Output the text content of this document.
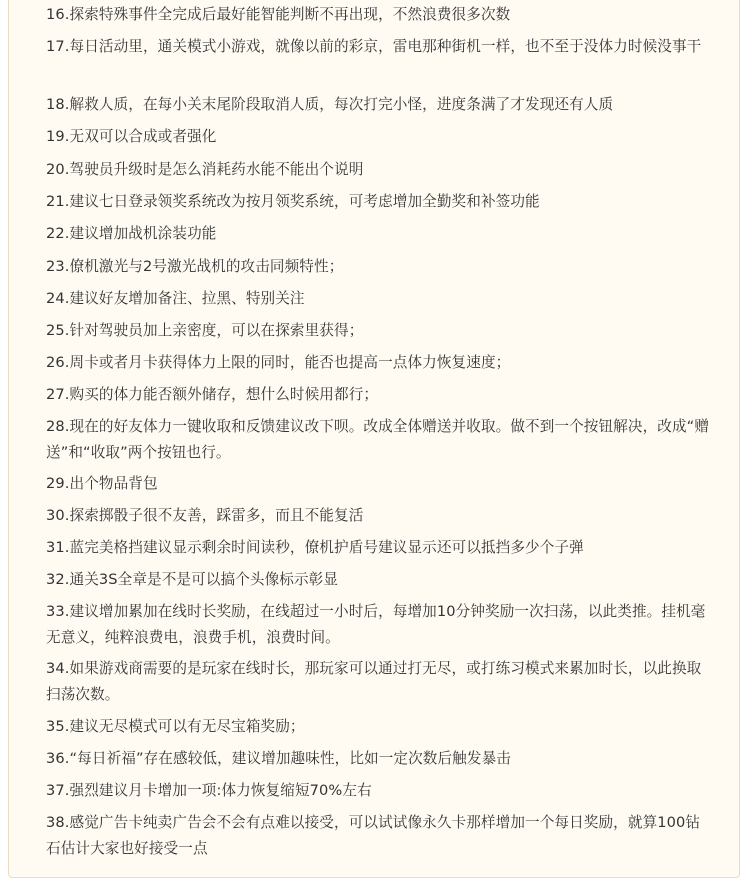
16.探索特殊事件全完成后最好能智能判断不再出现，不然浪费很多次数
17.每日活动里，通关模式小游戏，就像以前的彩京，雷电那种街机一样，也不至于没体力时候没事干
18.解救人质，在每小关末尾阶段取消人质，每次打完小怪，进度条满了才发现还有人质
19.无双可以合成或者强化
20.驾驶员升级时是怎么消耗药水能不能出个说明
21.建议七日登录领奖系统改为按月领奖系统，可考虑增加全勤奖和补签功能
22.建议增加战机涂装功能
23.僚机激光与2号激光战机的攻击同频特性；
24.建议好友增加备注、拉黑、特别关注
25.针对驾驶员加上亲密度，可以在探索里获得；
26.周卡或者月卡获得体力上限的同时，能否也提高一点体力恢复速度；
27.购买的体力能否额外储存，想什么时候用都行；
28.现在的好友体力一键收取和反馈建议改下呗。改成全体赠送并收取。做不到一个按钮解决，改成“赠送”和“收取”两个按钮也行。
29.出个物品背包
30.探索掷骰子很不友善，踩雷多，而且不能复活
31.蓝完美格挡建议显示剩余时间读秒，僚机护盾号建议显示还可以抵挡多少个子弹
32.通关3S全章是不是可以搞个头像标示彰显
33.建议增加累加在线时长奖励，在线超过一小时后，每增加10分钟奖励一次扫荡，以此类推。挂机毫无意义，纯粹浪费电，浪费手机，浪费时间。
34.如果游戏商需要的是玩家在线时长，那玩家可以通过打无尽，或打练习模式来累加时长，以此换取扫荡次数。
35.建议无尽模式可以有无尽宝箱奖励；
36.“每日祈福”存在感较低，建议增加趣味性，比如一定次数后触发暴击
37.强烈建议月卡增加一项:体力恢复缩短70%左右
38.感觉广告卡纯卖广告会不会有点难以接受，可以试试像永久卡那样增加一个每日奖励，就算100钻石估计大家也好接受一点
